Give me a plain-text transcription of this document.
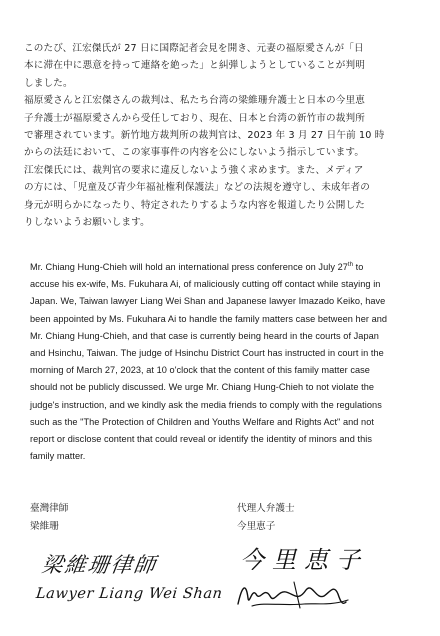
このたび、江宏傑氏が 27 日に国際記者会見を開き、元妻の福原愛さんが「日
本に滞在中に悪意を持って連絡を絶った」と糾弾しようとしていることが判明
しました。

福原愛さんと江宏傑さんの裁判は、私たち台湾の梁維珊弁護士と日本の今里恵
子弁護士が福原愛さんから受任しており、現在、日本と台湾の新竹市の裁判所
で審理されています。新竹地方裁判所の裁判官は、2023 年 3 月 27 日午前 10 時
からの法廷において、この家事事件の内容を公にしないよう指示しています。
江宏傑氏には、裁判官の要求に違反しないよう強く求めます。また、メディア
の方には、「児童及び青少年福祉権利保護法」などの法規を遵守し、未成年者の
身元が明らかになったり、特定されたりするような内容を報道したり公開した
りしないようお願いします。

Mr. Chiang Hung-Chieh will hold an international press conference on July 27th to
accuse his ex-wife, Ms. Fukuhara Ai, of maliciously cutting off contact while staying in
Japan. We, Taiwan lawyer Liang Wei Shan and Japanese lawyer Imazado Keiko, have
been appointed by Ms. Fukuhara Ai to handle the family matters case between her and
Mr. Chiang Hung-Chieh, and that case is currently being heard in the courts of Japan
and Hsinchu, Taiwan. The judge of Hsinchu District Court has instructed in court in the
morning of March 27, 2023, at 10 o'clock that the content of this family matter case
should not be publicly discussed. We urge Mr. Chiang Hung-Chieh to not violate the
judge's instruction, and we kindly ask the media friends to comply with the regulations
such as the "The Protection of Children and Youths Welfare and Rights Act" and not
report or disclose content that could reveal or identify the identity of minors and this
family matter.

臺灣律師
梁維珊
代理人弁護士
今里恵子
梁維珊律師
Lawyer Liang Wei Shan
今里恵子
